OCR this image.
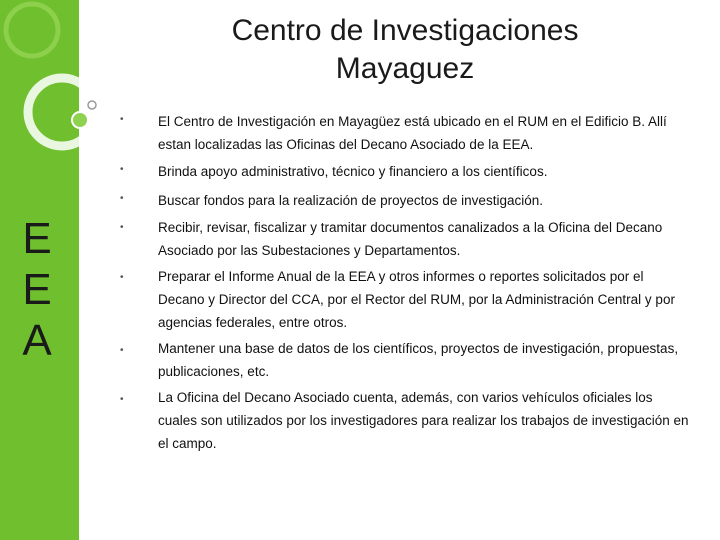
E
E
A
Centro de Investigaciones
Mayaguez
•	El Centro de Investigación en Mayagüez está ubicado en el RUM en el Edificio B. Allí estan localizadas las Oficinas del Decano Asociado de la EEA.
•	Brinda apoyo administrativo, técnico y financiero a los científicos.
•	Buscar fondos para la realización de proyectos de investigación.
•	Recibir, revisar, fiscalizar y tramitar documentos canalizados a la Oficina del Decano Asociado por las Subestaciones y Departamentos.
•	Preparar el Informe Anual de la EEA y otros informes o reportes solicitados por el Decano y Director del CCA, por el Rector del RUM, por la Administración Central y por agencias federales, entre otros.
•	Mantener una base de datos de los científicos, proyectos de investigación, propuestas, publicaciones, etc.
•	La Oficina del Decano Asociado cuenta, además, con varios vehículos oficiales los cuales son utilizados por los investigadores para realizar los trabajos de investigación en el campo.
